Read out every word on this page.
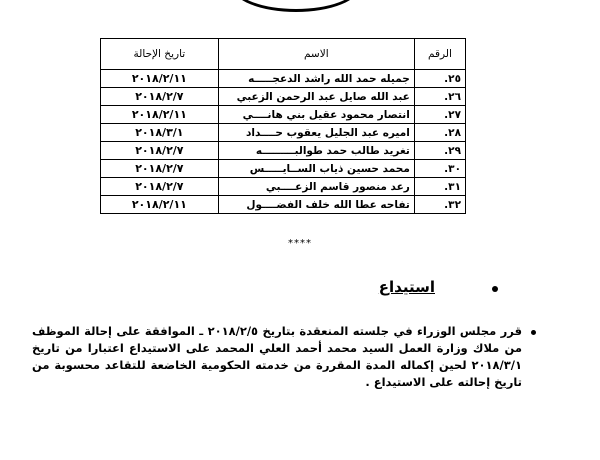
الرقم	الاسم	تاريخ الإحالة
٢٥.	جميله حمد الله راشد الدعجـــــه	٢٠١٨/٢/١١
٢٦.	عبد الله صايل عبد الرحمن الزعبي	٢٠١٨/٢/٧
٢٧.	انتصار محمود عقيل بني هانــــي	٢٠١٨/٢/١١
٢٨.	اميره عبد الجليل يعقوب حــــداد	٢٠١٨/٣/١
٢٩.	تغريد طالب حمد طوالبـــــــــه	٢٠١٨/٢/٧
٣٠.	محمد حسين ذياب الســايـــــس	٢٠١٨/٢/٧
٣١.	رعد منصور قاسم الزعــــبي	٢٠١٨/٢/٧
٣٢.	تفاحه عطا الله خلف الفضــــول	٢٠١٨/٢/١١
****
استيداع
قرر مجلس الوزراء في جلسته المنعقدة بتاريخ ٢٠١٨/٢/٥ ـ الموافقة على إحالة الموظف من ملاك وزارة العمل السيد محمد أحمد العلي المحمد على الاستيداع اعتبارا من تاريخ ٢٠١٨/٣/١ لحين إكماله المدة المقررة من خدمته الحكومية الخاضعة للتقاعد محسوبة من تاريخ إحالته على الاستيداع .
